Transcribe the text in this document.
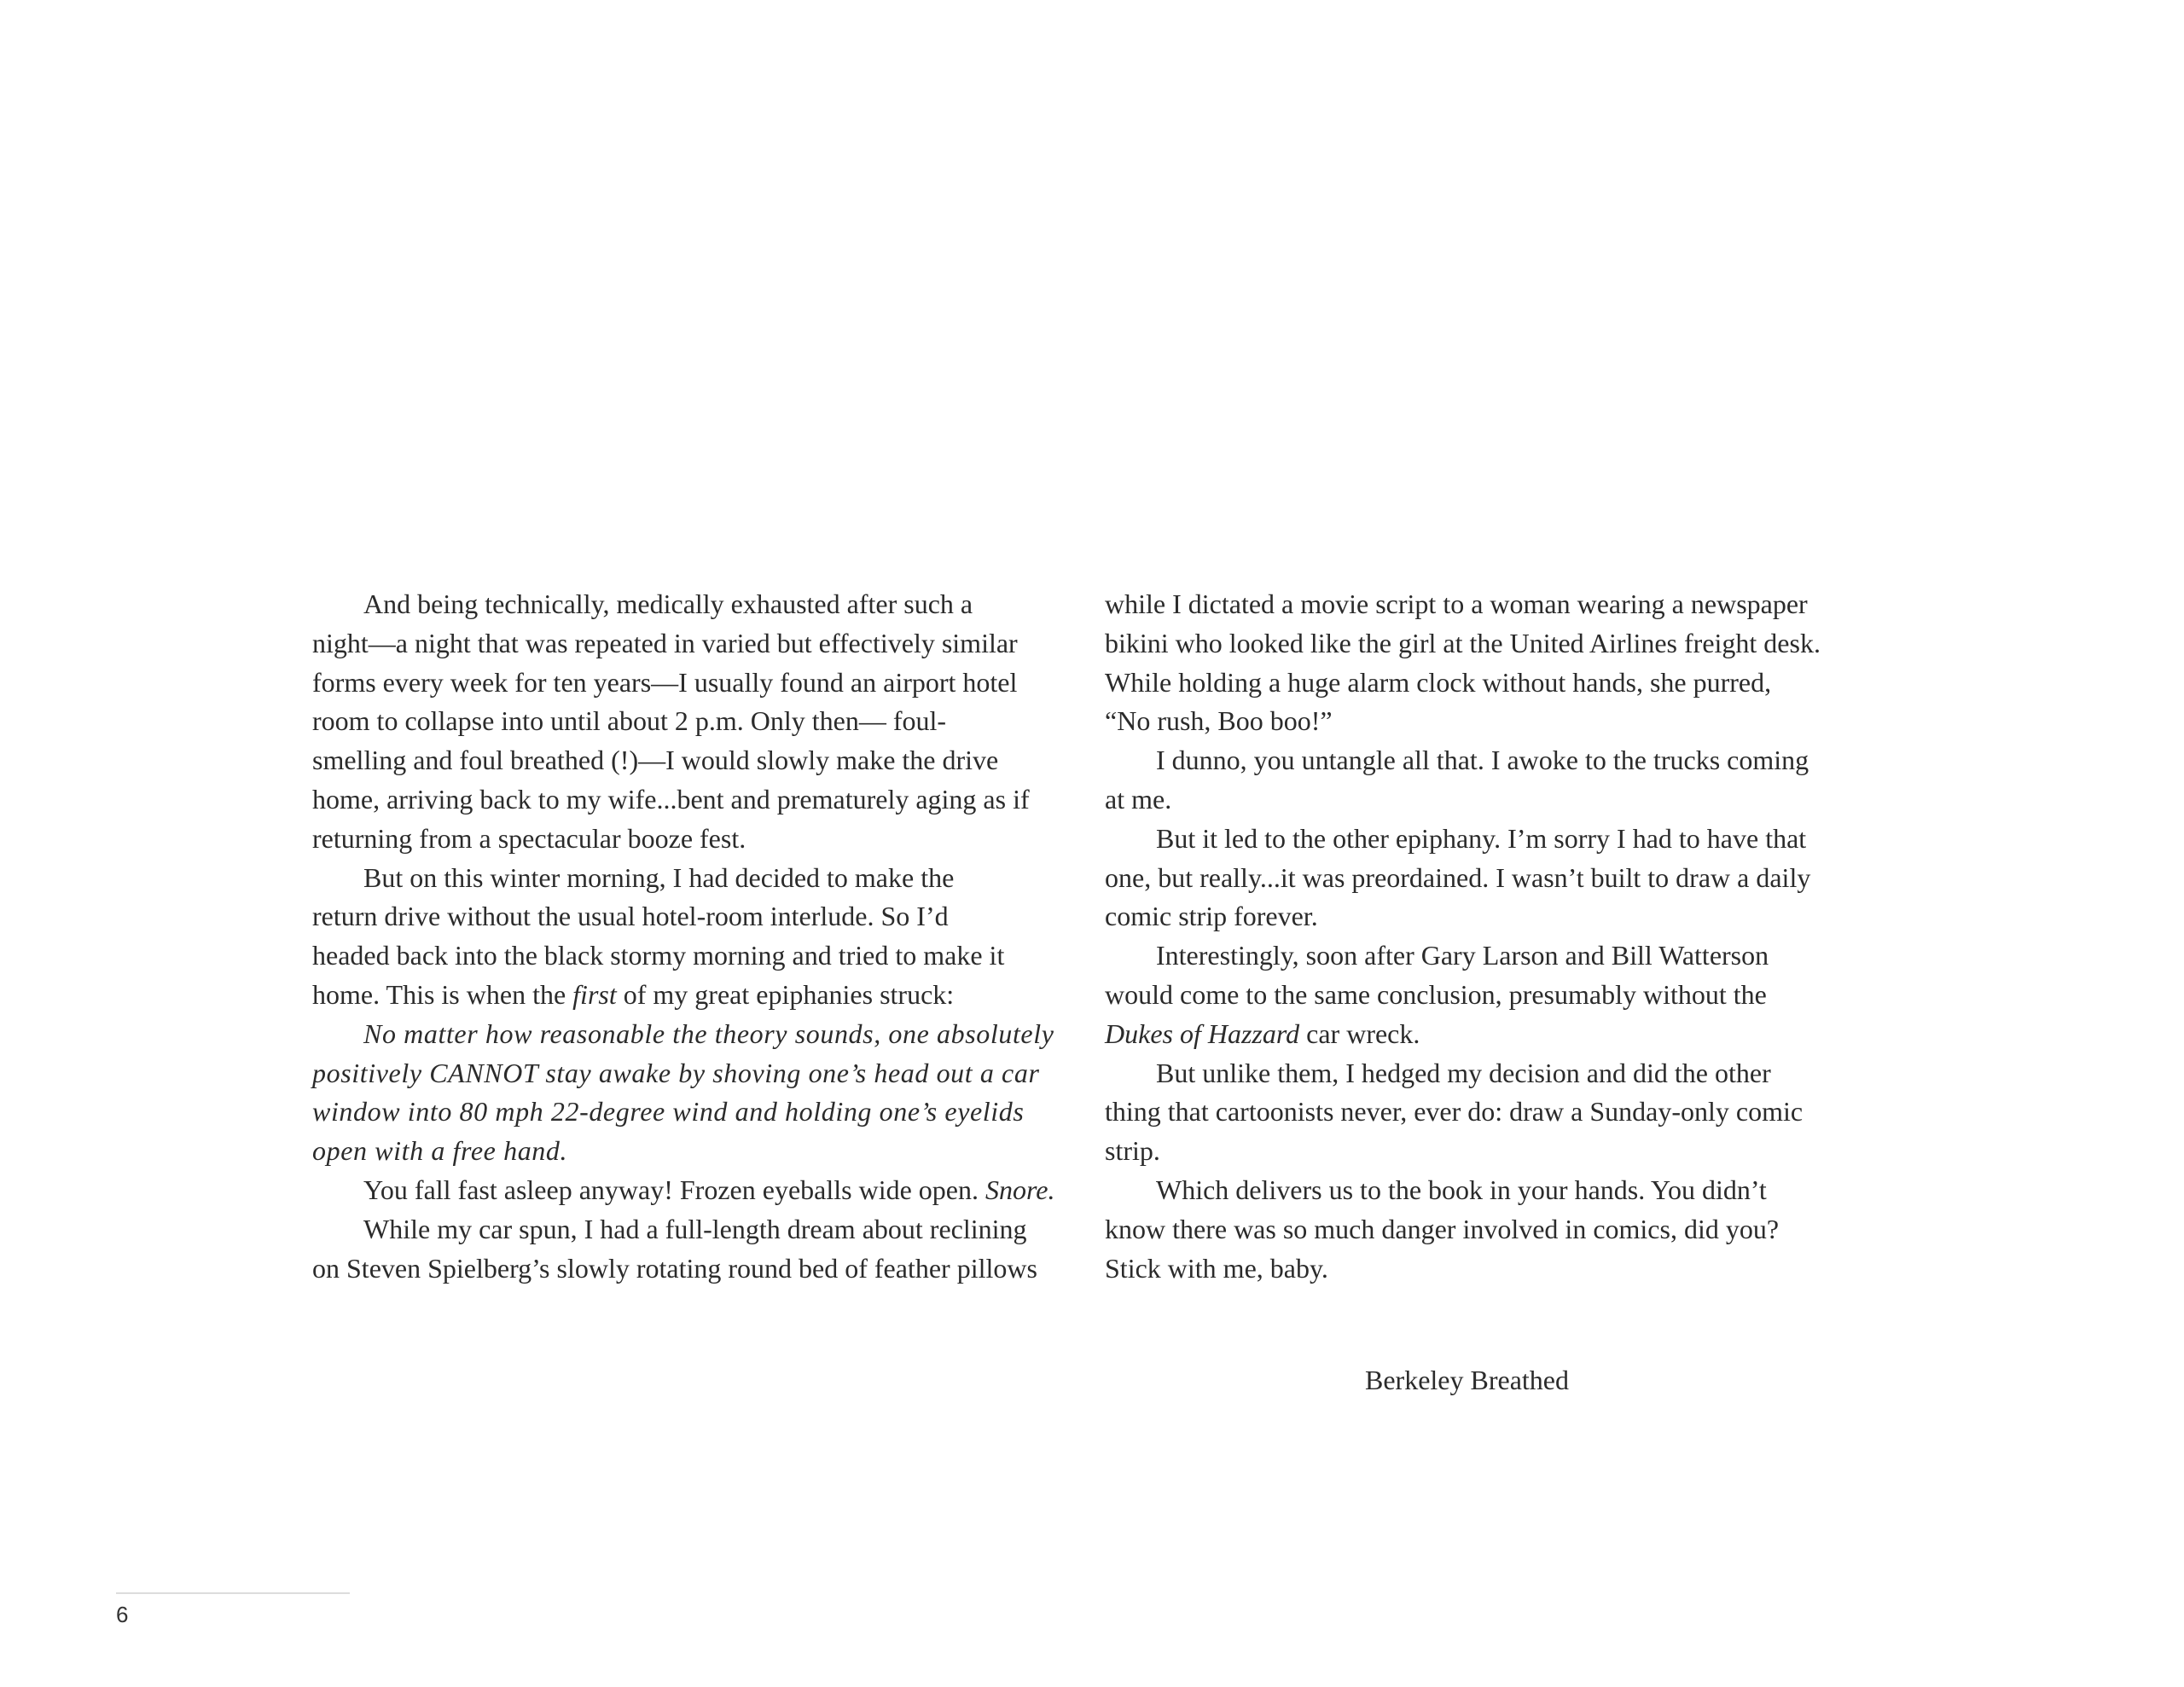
And being technically, medically exhausted after such a
night—a night that was repeated in varied but effectively similar
forms every week for ten years—I usually found an airport hotel
room to collapse into until about 2 p.m. Only then— foul-
smelling and foul breathed (!)—I would slowly make the drive
home, arriving back to my wife...bent and prematurely aging as if
returning from a spectacular booze fest.
But on this winter morning, I had decided to make the
return drive without the usual hotel-room interlude. So I’d
headed back into the black stormy morning and tried to make it
home. This is when the first of my great epiphanies struck:
No matter how reasonable the theory sounds, one absolutely
positively CANNOT stay awake by shoving one’s head out a car
window into 80 mph 22-degree wind and holding one’s eyelids
open with a free hand.
You fall fast asleep anyway! Frozen eyeballs wide open. Snore.
While my car spun, I had a full-length dream about reclining
on Steven Spielberg’s slowly rotating round bed of feather pillows
while I dictated a movie script to a woman wearing a newspaper
bikini who looked like the girl at the United Airlines freight desk.
While holding a huge alarm clock without hands, she purred,
“No rush, Boo boo!”
I dunno, you untangle all that. I awoke to the trucks coming
at me.
But it led to the other epiphany. I’m sorry I had to have that
one, but really...it was preordained. I wasn’t built to draw a daily
comic strip forever.
Interestingly, soon after Gary Larson and Bill Watterson
would come to the same conclusion, presumably without the
Dukes of Hazzard car wreck.
But unlike them, I hedged my decision and did the other
thing that cartoonists never, ever do: draw a Sunday-only comic
strip.
Which delivers us to the book in your hands. You didn’t
know there was so much danger involved in comics, did you?
Stick with me, baby.
Berkeley Breathed
6
